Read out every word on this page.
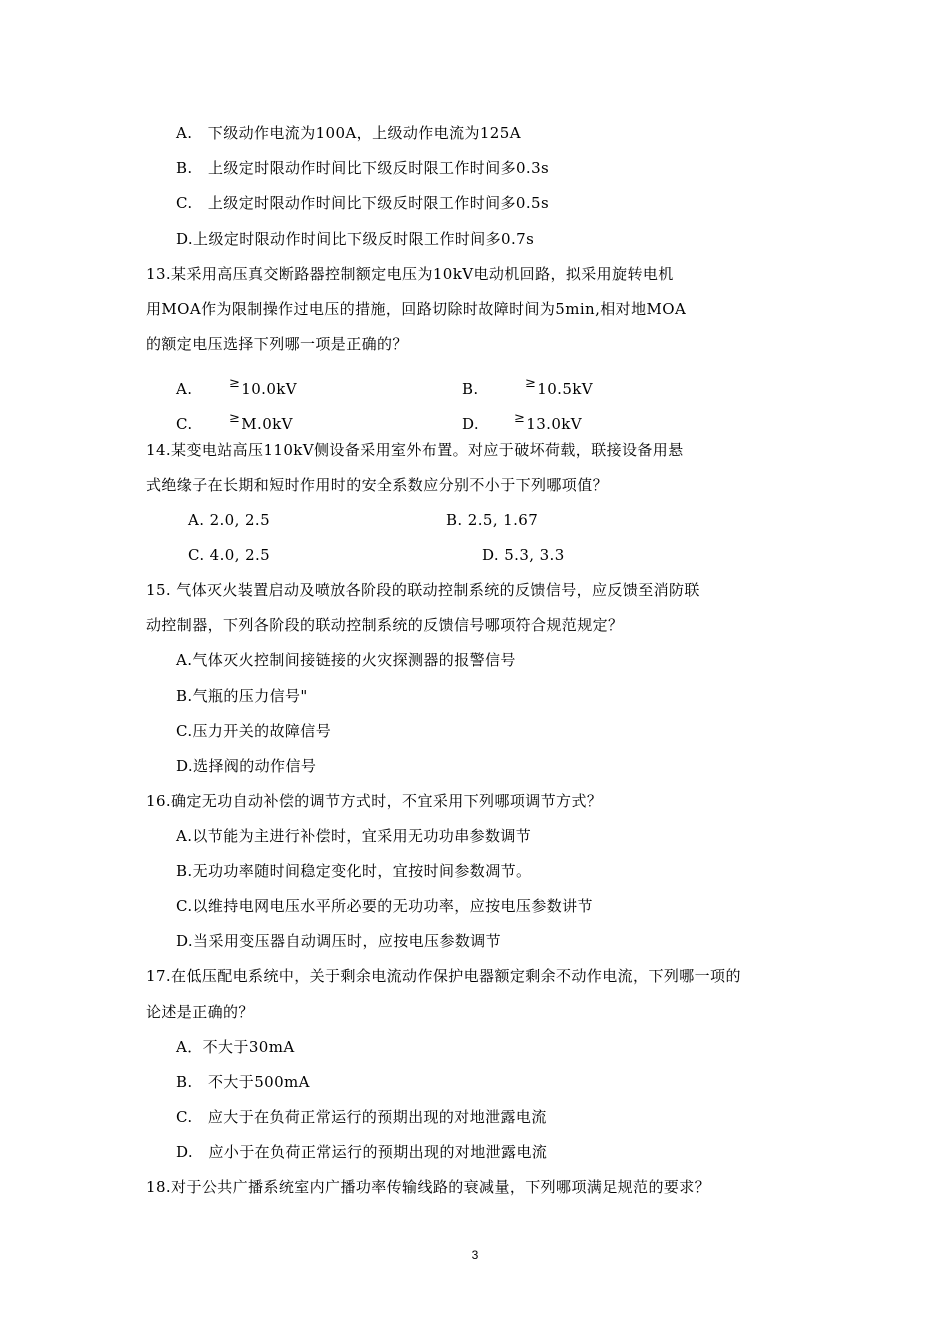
A.　下级动作电流为100A，上级动作电流为125A
B.　上级定时限动作时间比下级反时限工作时间多0.3s
C.　上级定时限动作时间比下级反时限工作时间多0.5s
D.上级定时限动作时间比下级反时限工作时间多0.7s
13.某采用高压真交断路器控制额定电压为10kV电动机回路，拟采用旋转电机
用MOA作为限制操作过电压的措施，回路切除时故障时间为5min,相对地MOA
的额定电压选择下列哪一项是正确的？
A.	≥10.0kV	B.	≥10.5kV
C.	≥M.0kV	D.	≥13.0kV
14.某变电站高压110kV侧设备采用室外布置。对应于破坏荷载，联接设备用悬
式绝缘子在长期和短时作用时的安全系数应分别不小于下列哪项值？
A. 2.0, 2.5	B. 2.5, 1.67
C. 4.0, 2.5	D. 5.3, 3.3
15. 气体灭火装置启动及喷放各阶段的联动控制系统的反馈信号，应反馈至消防联
动控制器，下列各阶段的联动控制系统的反馈信号哪项符合规范规定？
A.气体灭火控制间接链接的火灾探测器的报警信号
B.气瓶的压力信号"
C.压力开关的故障信号
D.选择阀的动作信号
16.确定无功自动补偿的调节方式时，不宜采用下列哪项调节方式？
A.以节能为主进行补偿时，宜采用无功功串参数调节
B.无功功率随时间稳定变化时，宜按时间参数凋节。
C.以维持电网电压水平所必要的无功功率，应按电压参数讲节
D.当采用变压器自动调压时，应按电压参数调节
17.在低压配电系统中，关于剩余电流动作保护电器额定剩余不动作电流，下列哪一项的
论述是正确的？
A．不大于30mA
B.　不大于500mA
C.　应大于在负荷正常运行的预期出现的对地泄露电流
D.　应小于在负荷正常运行的预期出现的对地泄露电流
18.对于公共广播系统室内广播功率传输线路的衰减量，下列哪项满足规范的要求？
3
